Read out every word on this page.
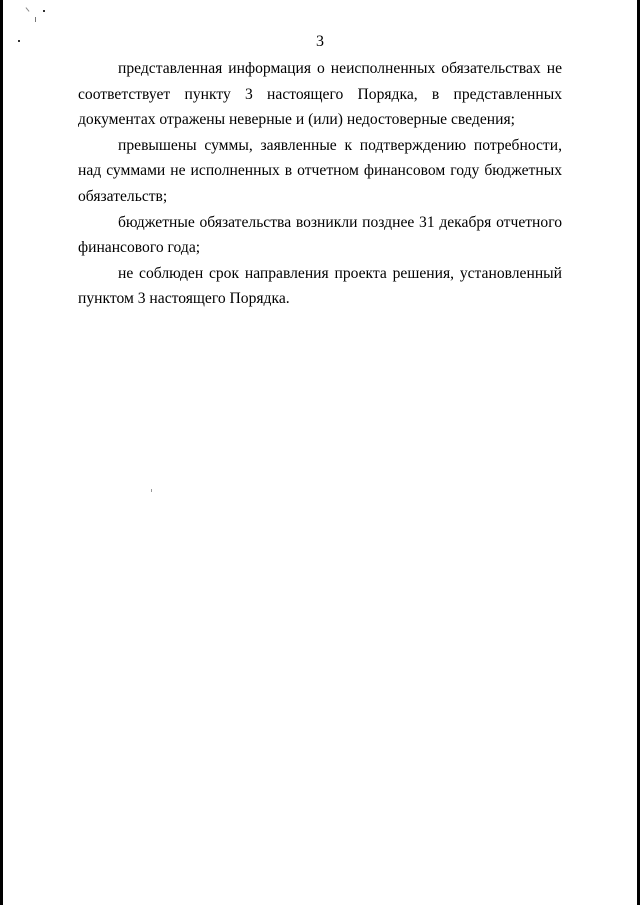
3

представленная информация о неисполненных обязательствах не соответствует пункту 3 настоящего Порядка, в представленных документах отражены неверные и (или) недостоверные сведения;

превышены суммы, заявленные к подтверждению потребности, над суммами не исполненных в отчетном финансовом году бюджетных обязательств;

бюджетные обязательства возникли позднее 31 декабря отчетного финансового года;

не соблюден срок направления проекта решения, установленный пунктом 3 настоящего Порядка.
